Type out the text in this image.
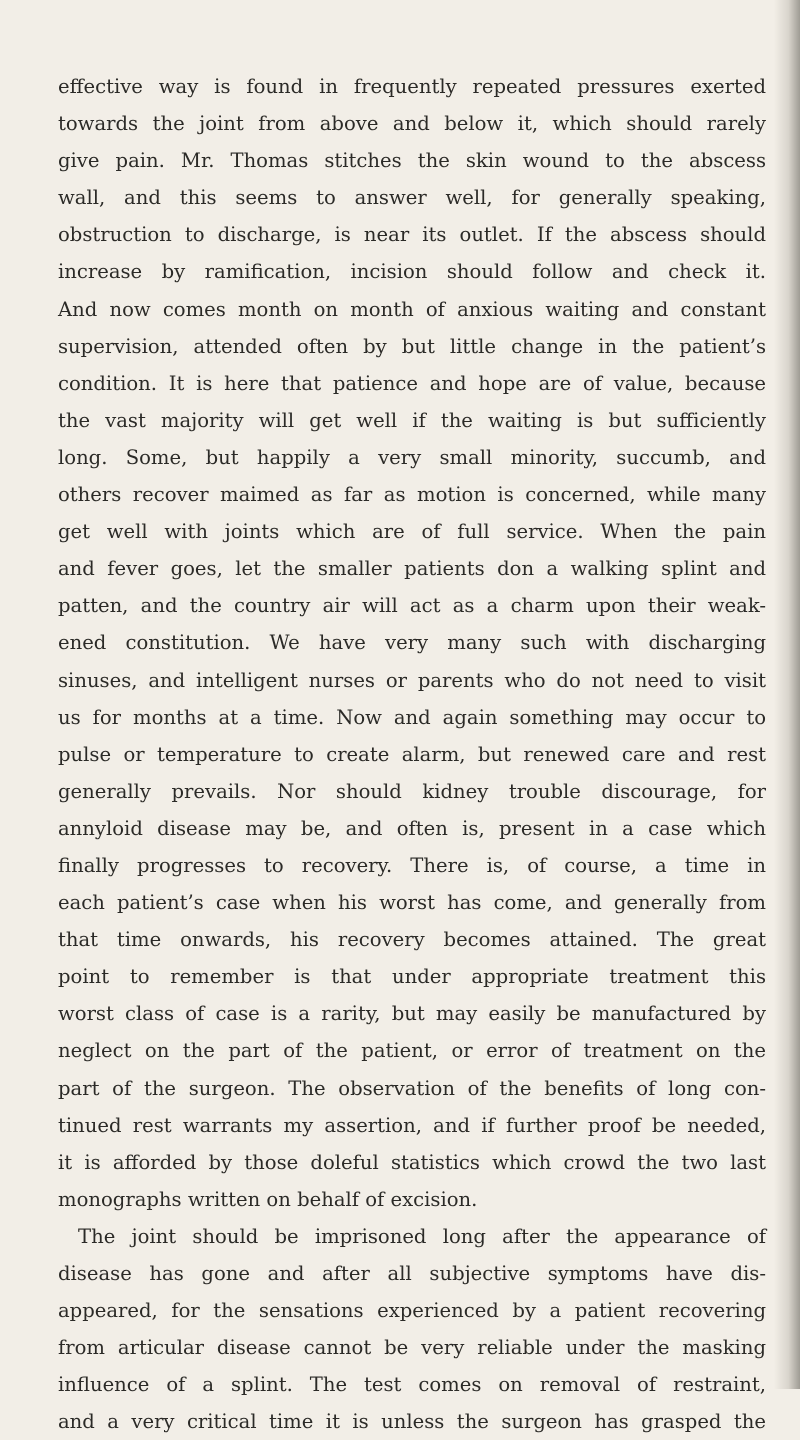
effective way is found in frequently repeated pressures exerted
towards the joint from above and below it, which should rarely
give pain. Mr. Thomas stitches the skin wound to the abscess
wall, and this seems to answer well, for generally speaking,
obstruction to discharge, is near its outlet. If the abscess should
increase by ramification, incision should follow and check it.
And now comes month on month of anxious waiting and constant
supervision, attended often by but little change in the patient’s
condition. It is here that patience and hope are of value, because
the vast majority will get well if the waiting is but sufficiently
long. Some, but happily a very small minority, succumb, and
others recover maimed as far as motion is concerned, while many
get well with joints which are of full service. When the pain
and fever goes, let the smaller patients don a walking splint and
patten, and the country air will act as a charm upon their weak-
ened constitution. We have very many such with discharging
sinuses, and intelligent nurses or parents who do not need to visit
us for months at a time. Now and again something may occur to
pulse or temperature to create alarm, but renewed care and rest
generally prevails. Nor should kidney trouble discourage, for
annyloid disease may be, and often is, present in a case which
finally progresses to recovery. There is, of course, a time in
each patient’s case when his worst has come, and generally from
that time onwards, his recovery becomes attained. The great
point to remember is that under appropriate treatment this
worst class of case is a rarity, but may easily be manufactured by
neglect on the part of the patient, or error of treatment on the
part of the surgeon. The observation of the benefits of long con-
tinued rest warrants my assertion, and if further proof be needed,
it is afforded by those doleful statistics which crowd the two last
monographs written on behalf of excision.
The joint should be imprisoned long after the appearance of
disease has gone and after all subjective symptoms have dis-
appeared, for the sensations experienced by a patient recovering
from articular disease cannot be very reliable under the masking
influence of a splint. The test comes on removal of restraint,
and a very critical time it is unless the surgeon has grasped the
